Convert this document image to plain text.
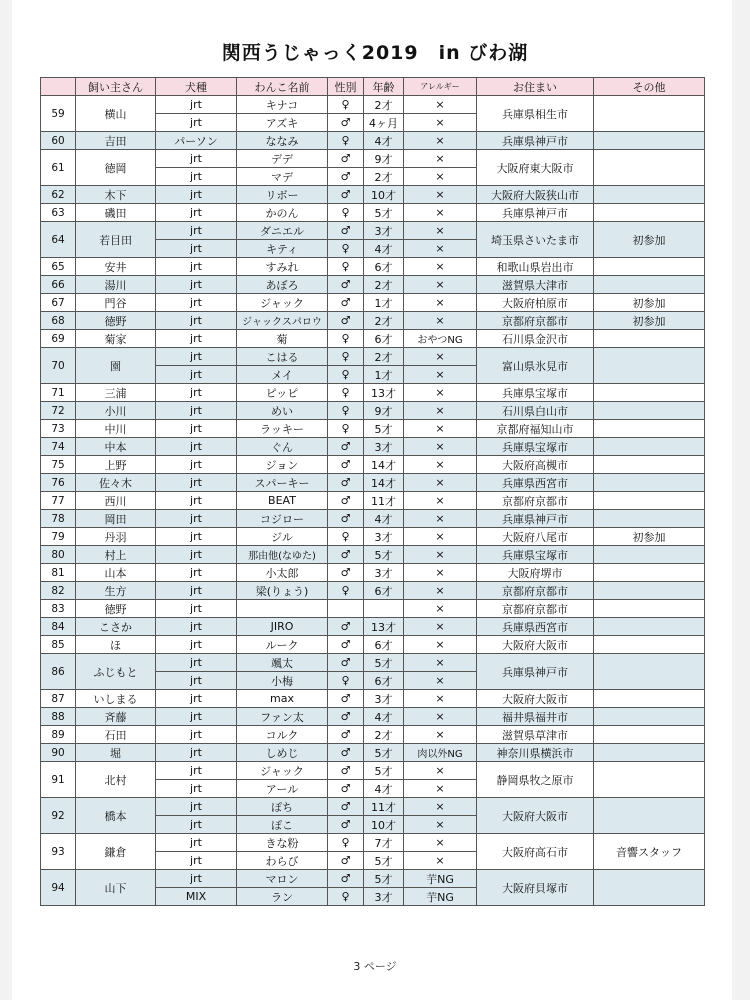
関西うじゃっく2019　in びわ湖
	飼い主さん	犬種	わんこ名前	性別	年齢	アレルギー	お住まい	その他
59	横山	jrt	キナコ	♀	2才	×	兵庫県相生市	
		jrt	アズキ	♂	4ヶ月	×		
60	吉田	パーソン	ななみ	♀	4才	×	兵庫県神戸市	
61	徳岡	jrt	デデ	♂	9才	×	大阪府東大阪市	
		jrt	マデ	♂	2才	×		
62	木下	jrt	リボー	♂	10才	×	大阪府大阪狭山市	
63	磯田	jrt	かのん	♀	5才	×	兵庫県神戸市	
64	若目田	jrt	ダニエル	♂	3才	×	埼玉県さいたま市	初参加
		jrt	キティ	♀	4才	×		
65	安井	jrt	すみれ	♀	6才	×	和歌山県岩出市	
66	湯川	jrt	あぼろ	♂	2才	×	滋賀県大津市	
67	門谷	jrt	ジャック	♂	1才	×	大阪府柏原市	初参加
68	徳野	jrt	ジャックスパロウ	♂	2才	×	京都府京都市	初参加
69	菊家	jrt	菊	♀	6才	おやつNG	石川県金沢市	
70	園	jrt	こはる	♀	2才	×	富山県氷見市	
		jrt	メイ	♀	1才	×		
71	三浦	jrt	ピッピ	♀	13才	×	兵庫県宝塚市	
72	小川	jrt	めい	♀	9才	×	石川県白山市	
73	中川	jrt	ラッキー	♀	5才	×	京都府福知山市	
74	中本	jrt	ぐん	♂	3才	×	兵庫県宝塚市	
75	上野	jrt	ジョン	♂	14才	×	大阪府高槻市	
76	佐々木	jrt	スパーキー	♂	14才	×	兵庫県西宮市	
77	西川	jrt	BEAT	♂	11才	×	京都府京都市	
78	岡田	jrt	コジロー	♂	4才	×	兵庫県神戸市	
79	丹羽	jrt	ジル	♀	3才	×	大阪府八尾市	初参加
80	村上	jrt	那由他(なゆた)	♂	5才	×	兵庫県宝塚市	
81	山本	jrt	小太郎	♂	3才	×	大阪府堺市	
82	生方	jrt	梁(りょう)	♀	6才	×	京都府京都市	
83	徳野	jrt				×	京都府京都市	
84	こさか	jrt	JIRO	♂	13才	×	兵庫県西宮市	
85	ほ	jrt	ルーク	♂	6才	×	大阪府大阪市	
86	ふじもと	jrt	颯太	♂	5才	×	兵庫県神戸市	
		jrt	小梅	♀	6才	×		
87	いしまる	jrt	max	♂	3才	×	大阪府大阪市	
88	斉藤	jrt	ファン太	♂	4才	×	福井県福井市	
89	石田	jrt	コルク	♂	2才	×	滋賀県草津市	
90	堀	jrt	しめじ	♂	5才	肉以外NG	神奈川県横浜市	
91	北村	jrt	ジャック	♂	5才	×	静岡県牧之原市	
		jrt	アール	♂	4才	×		
92	橋本	jrt	ぽち	♂	11才	×	大阪府大阪市	
		jrt	ぽこ	♂	10才	×		
93	鎌倉	jrt	きな粉	♀	7才	×	大阪府高石市	音響スタッフ
		jrt	わらび	♂	5才	×		
94	山下	jrt	マロン	♂	5才	芋NG	大阪府貝塚市	
		MIX	ラン	♀	3才	芋NG		
3 ページ
